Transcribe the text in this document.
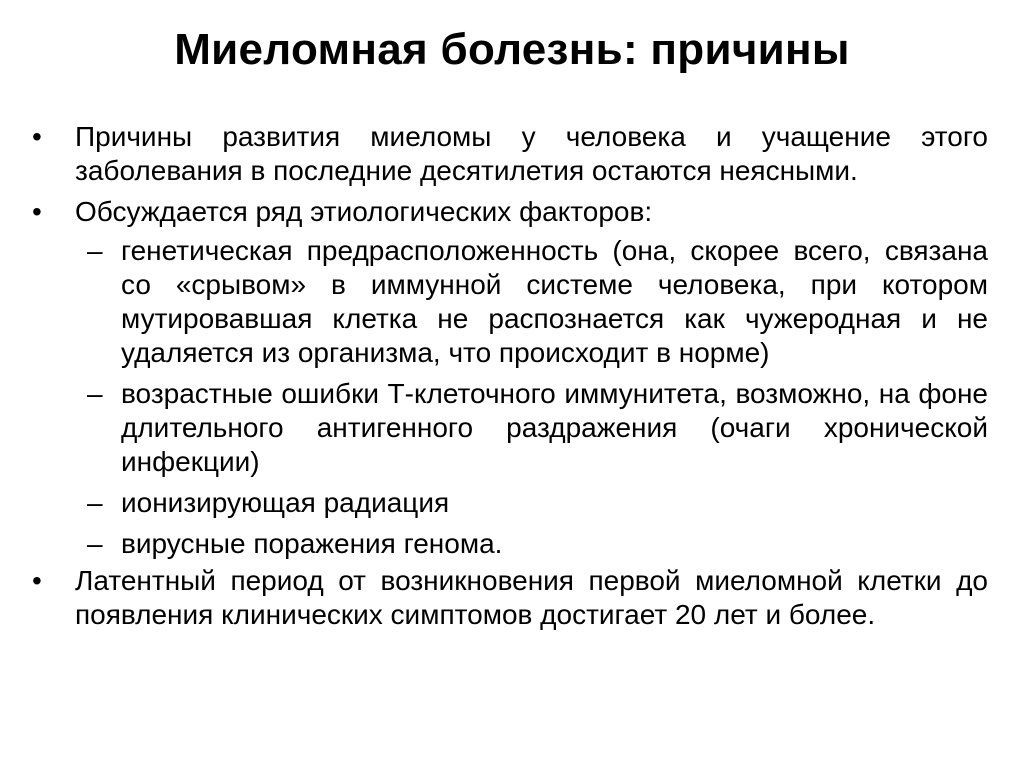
Миеломная болезнь: причины
• Причины развития миеломы у человека и учащение этого заболевания в последние десятилетия остаются неясными.
• Обсуждается ряд этиологических факторов:
– генетическая предрасположенность (она, скорее всего, связана со «срывом» в иммунной системе человека, при котором мутировавшая клетка не распознается как чужеродная и не удаляется из организма, что происходит в норме)
– возрастные ошибки Т-клеточного иммунитета, возможно, на фоне длительного антигенного раздражения (очаги хронической инфекции)
– ионизирующая радиация
– вирусные поражения генома.
• Латентный период от возникновения первой миеломной клетки до появления клинических симптомов достигает 20 лет и более.
